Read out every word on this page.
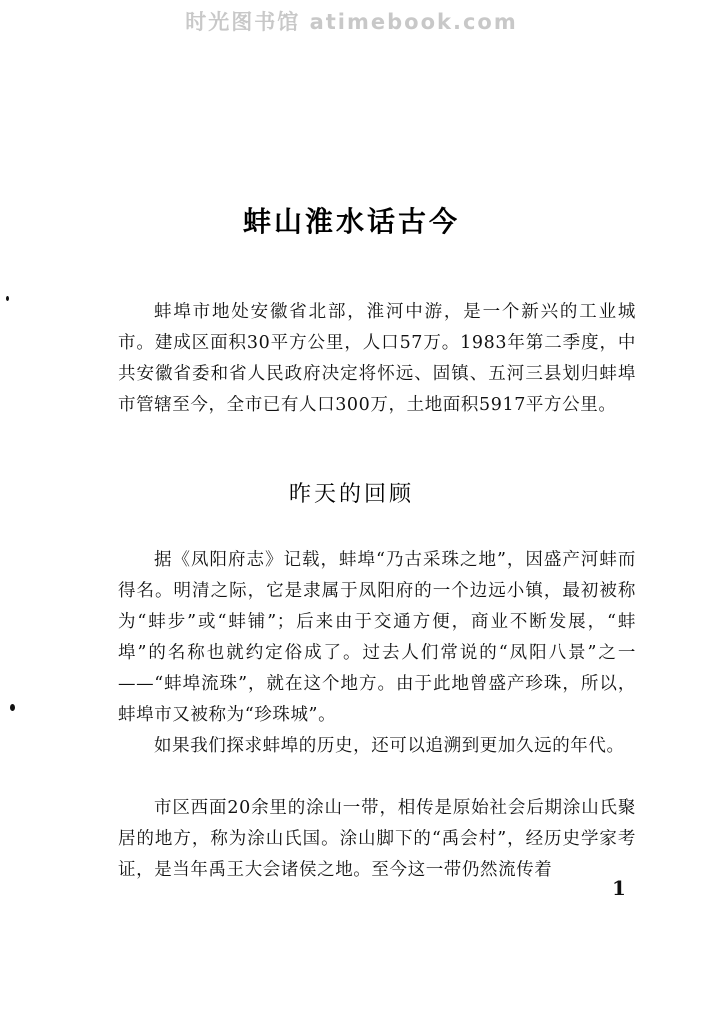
时光图书馆 atimebook.com
蚌山淮水话古今

蚌埠市地处安徽省北部，淮河中游，是一个新兴的工业城市。建成区面积30平方公里，人口57万。1983年第二季度，中共安徽省委和省人民政府决定将怀远、固镇、五河三县划归蚌埠市管辖至今，全市已有人口300万，土地面积5917平方公里。

昨天的回顾

据《凤阳府志》记载，蚌埠“乃古采珠之地”，因盛产河蚌而得名。明清之际，它是隶属于凤阳府的一个边远小镇，最初被称为“蚌步”或“蚌铺”；后来由于交通方便，商业不断发展，“蚌埠”的名称也就约定俗成了。过去人们常说的“凤阳八景”之一——“蚌埠流珠”，就在这个地方。由于此地曾盛产珍珠，所以，蚌埠市又被称为“珍珠城”。

如果我们探求蚌埠的历史，还可以追溯到更加久远的年代。

市区西面20余里的涂山一带，相传是原始社会后期涂山氏聚居的地方，称为涂山氏国。涂山脚下的“禹会村”，经历史学家考证，是当年禹王大会诸侯之地。至今这一带仍然流传着

1
